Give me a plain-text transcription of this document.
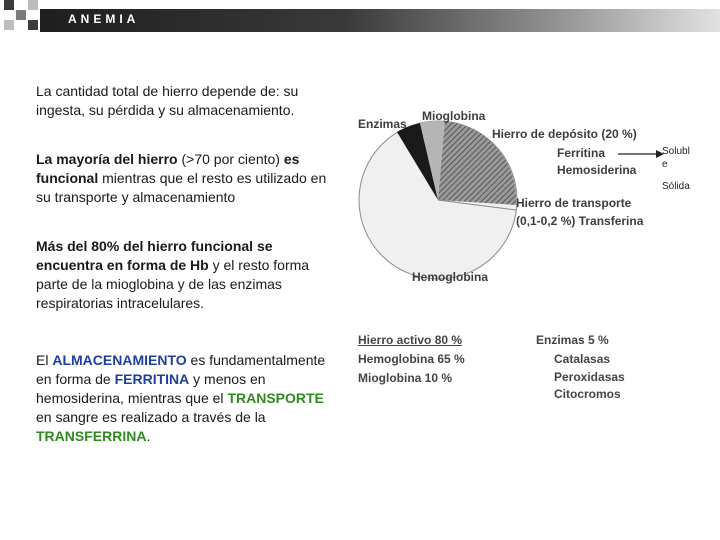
ANEMIA
La cantidad total de hierro depende de: su ingesta, su pérdida y su almacenamiento.
La mayoría del hierro (>70 por ciento) es funcional mientras que el resto es utilizado en su transporte y almacenamiento
Más del 80% del hierro funcional se encuentra en forma de Hb y el resto forma parte de la mioglobina y de las enzimas respiratorias intracelulares.
El ALMACENAMIENTO es fundamentalmente en forma de FERRITINA y menos en hemosiderina, mientras que el TRANSPORTE en sangre es realizado a través de la TRANSFERRINA.
Enzimas
Mioglobina
Hierro de depósito (20 %)
Ferritina
Hemosiderina
Hierro de transporte
(0,1-0,2 %) Transferina
Hemoglobina
Solubl
e
Sólida
Hierro activo 80 %
Hemoglobina 65 %
Mioglobina 10 %
Enzimas 5 %
Catalasas
Peroxidasas
Citocromos
